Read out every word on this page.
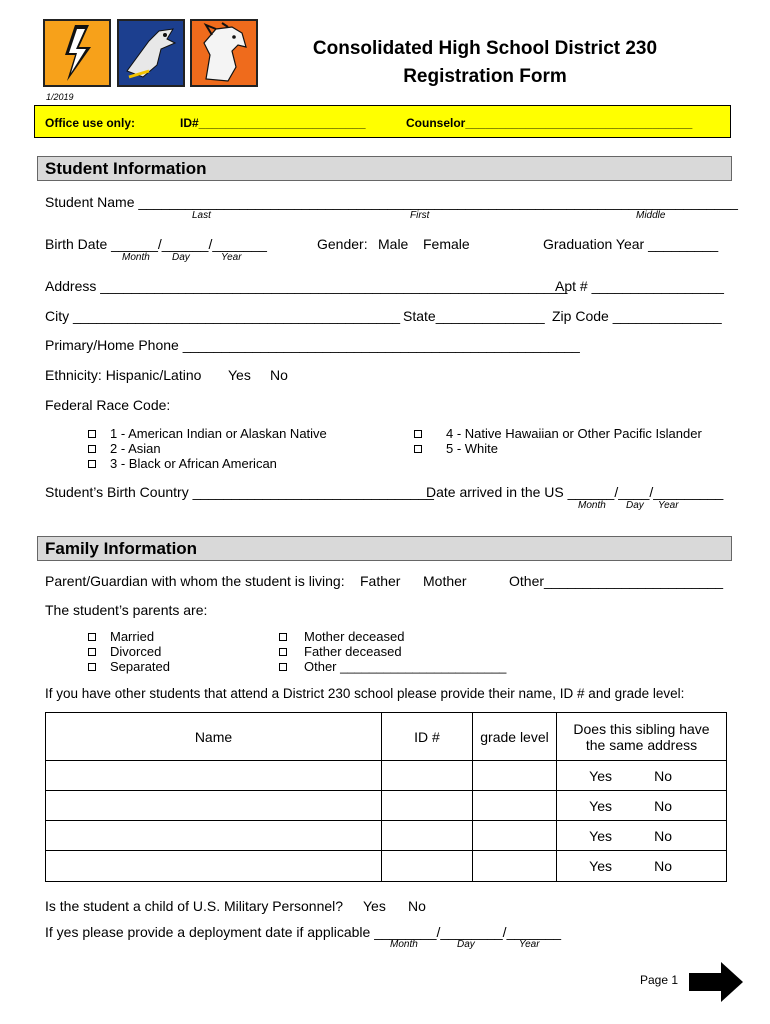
Consolidated High School District 230
Registration Form
1/2019
Office use only:	ID#_________________________	Counselor__________________________________
Student Information
Student Name _____________________________________________________________________________
Last	First	Middle
Birth Date ______/______/_______
Month Day	Year
Gender: Male Female	Graduation Year _________
Address ____________________________________________________________
Apt # _________________
City __________________________________________ State______________ Zip Code ______________
Primary/Home Phone ___________________________________________________
Ethnicity: Hispanic/Latino Yes No
Federal Race Code:
1 - American Indian or Alaskan Native
2 - Asian
3 - Black or African American
4 - Native Hawaiian or Other Pacific Islander
5 - White
Student’s Birth Country _______________________________
Date arrived in the US ______/____/_________
Month Day Year
Family Information
Parent/Guardian with whom the student is living: Father Mother	Other_______________________
The student’s parents are:
Married
Divorced
Separated
Mother deceased
Father deceased
Other _______________________
If you have other students that attend a District 230 school please provide their name, ID # and grade level:
Name	ID #	grade level	Does this sibling have
the same address

			Yes No
			Yes No
			Yes No
			Yes No
Is the student a child of U.S. Military Personnel? Yes No
If yes please provide a deployment date if applicable ________/________/_______
Month	Day	Year
Page 1
